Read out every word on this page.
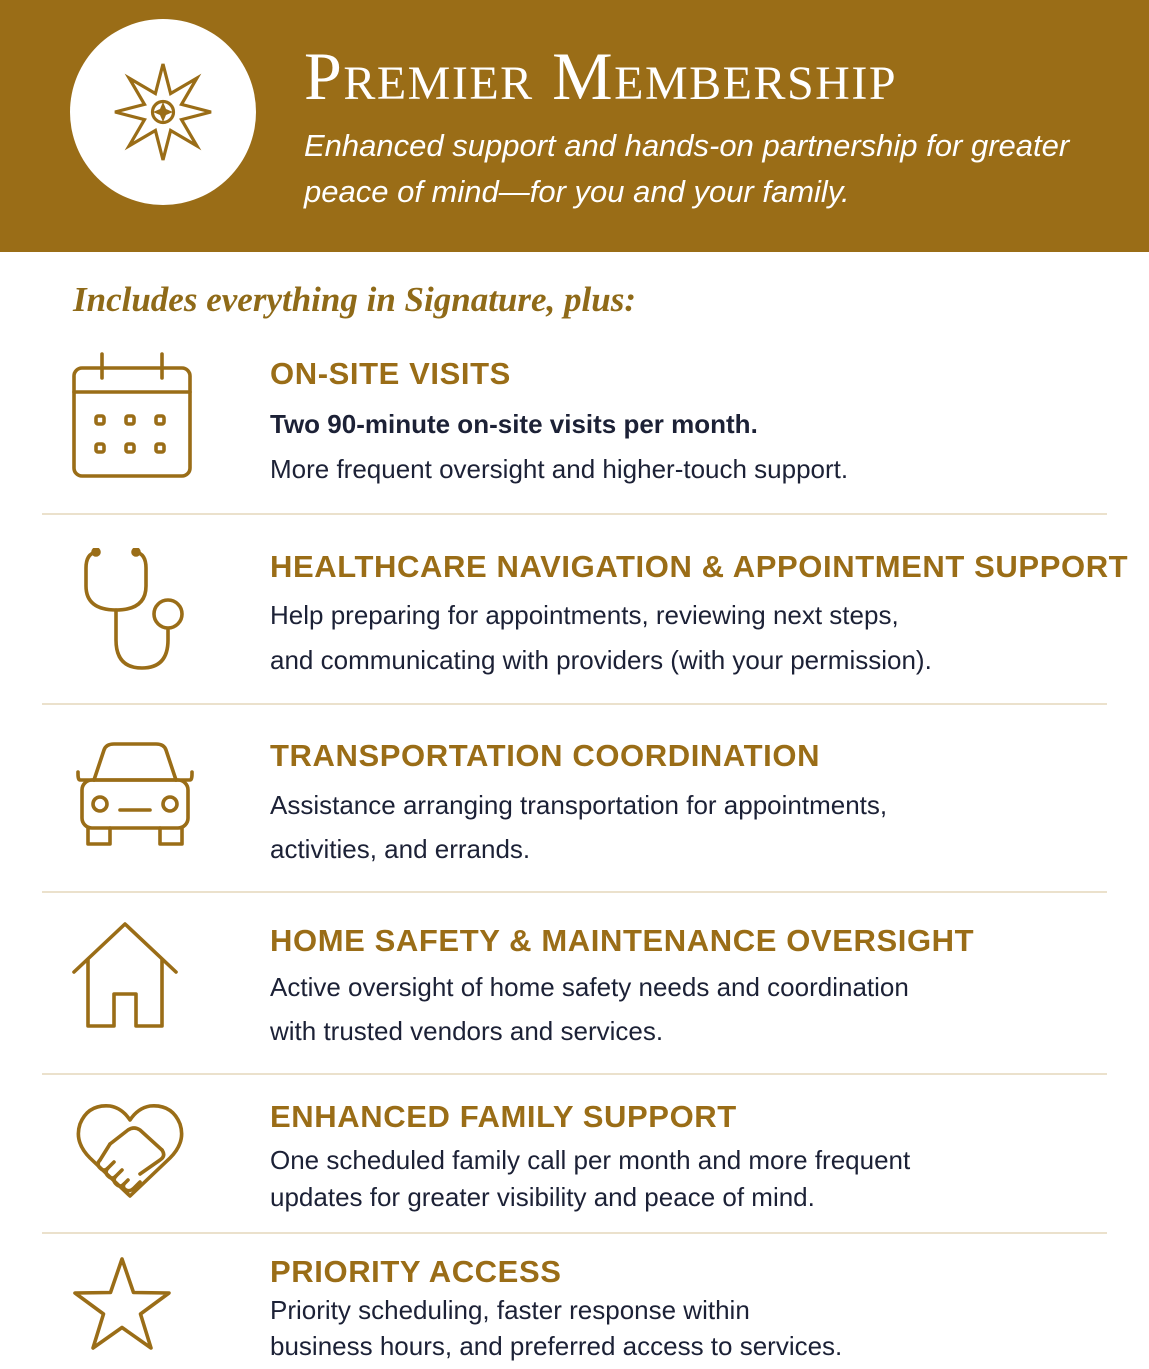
Premier Membership

Enhanced support and hands-on partnership for greater peace of mind—for you and your family.

Includes everything in Signature, plus:

ON-SITE VISITS

Two 90-minute on-site visits per month.

More frequent oversight and higher-touch support.

HEALTHCARE NAVIGATION & APPOINTMENT SUPPORT

Help preparing for appointments, reviewing next steps,

and communicating with providers (with your permission).

TRANSPORTATION COORDINATION

Assistance arranging transportation for appointments,

activities, and errands.

HOME SAFETY & MAINTENANCE OVERSIGHT

Active oversight of home safety needs and coordination

with trusted vendors and services.

ENHANCED FAMILY SUPPORT

One scheduled family call per month and more frequent

updates for greater visibility and peace of mind.

PRIORITY ACCESS

Priority scheduling, faster response within

business hours, and preferred access to services.
